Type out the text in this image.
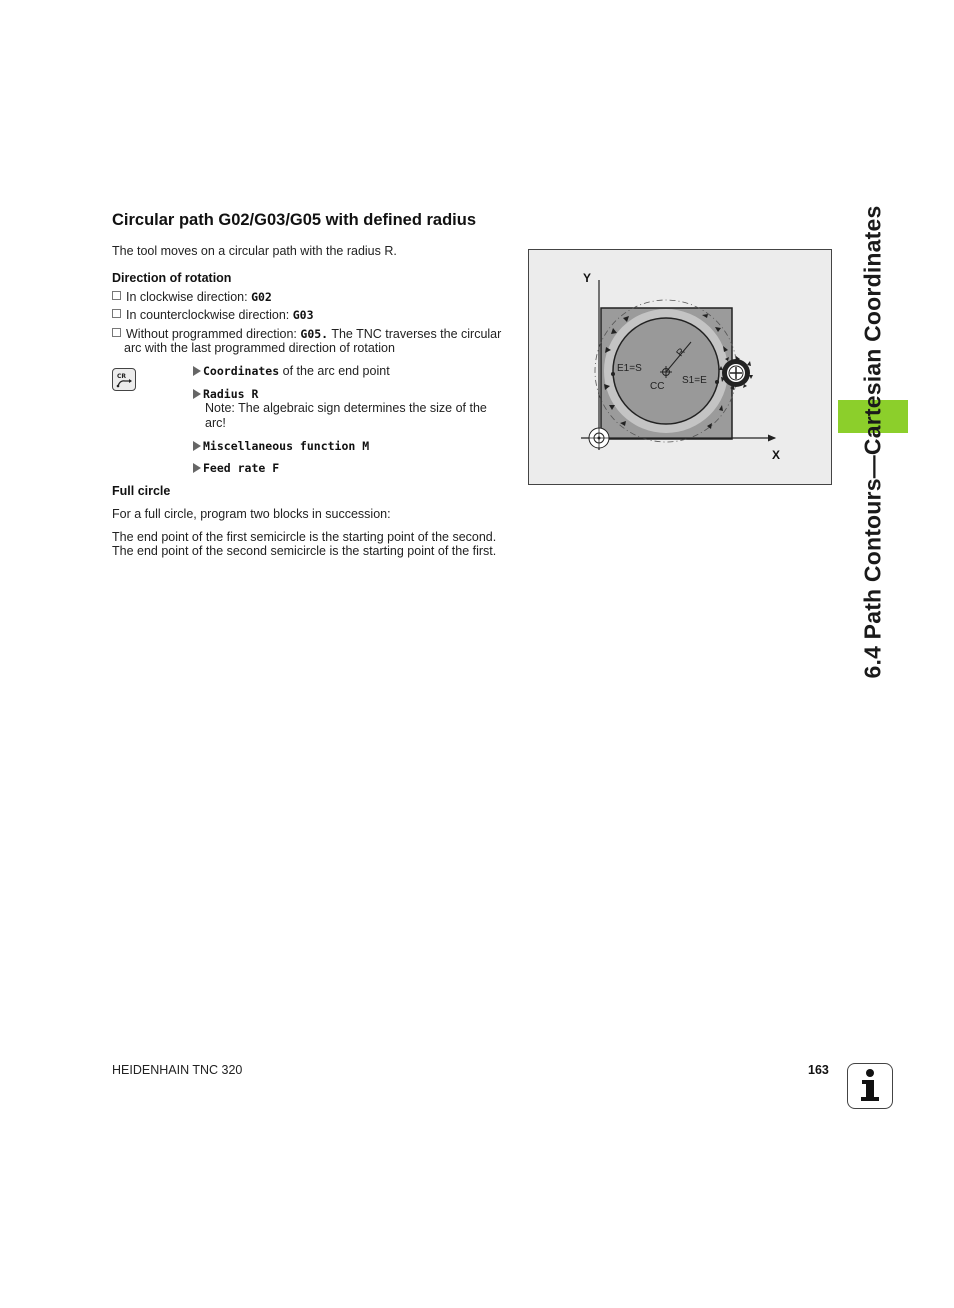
Circular path G02/G03/G05 with defined radius
The tool moves on a circular path with the radius R.
Direction of rotation
In clockwise direction: G02
In counterclockwise direction: G03
Without programmed direction: G05. The TNC traverses the circular
arc with the last programmed direction of rotation
CR	Coordinates of the arc end point
Radius R
Note: The algebraic sign determines the size of the
arc!
Miscellaneous function M
Feed rate F
Full circle
For a full circle, program two blocks in succession:
The end point of the first semicircle is the starting point of the second.
The end point of the second semicircle is the starting point of the first.
Y
X
E1=S
CC
S1=E
R	6.4 Path Contours—Cartesian Coordinates
HEIDENHAIN TNC 320	163
